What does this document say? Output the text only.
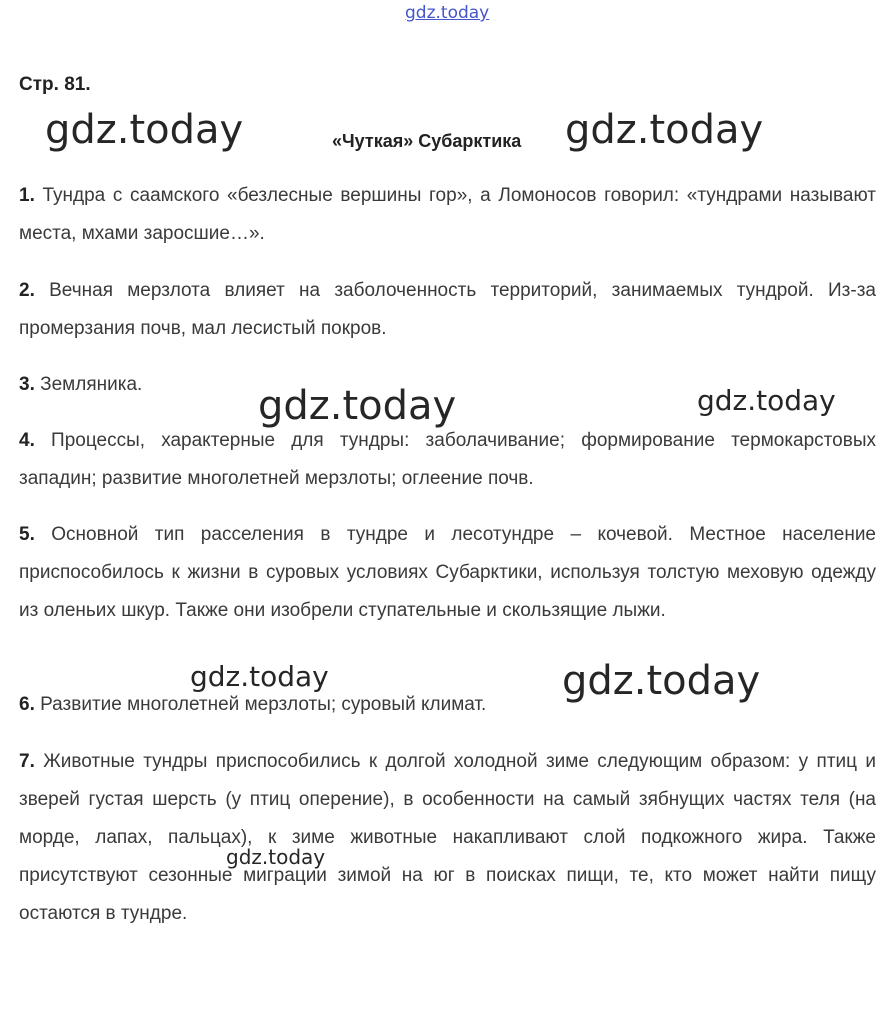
gdz.today
Стр. 81.
«Чуткая» Субарктика

1. Тундра с саамского «безлесные вершины гор», а Ломоносов говорил: «тундрами называют места, мхами заросшие…».

2. Вечная мерзлота влияет на заболоченность территорий, занимаемых тундрой. Из-за промерзания почв, мал лесистый покров.

3. Земляника.

4. Процессы, характерные для тундры: заболачивание; формирование термокарстовых западин; развитие многолетней мерзлоты; оглеение почв.

5. Основной тип расселения в тундре и лесотундре – кочевой. Местное население приспособилось к жизни в суровых условиях Субарктики, используя толстую меховую одежду из оленьих шкур. Также они изобрели ступательные и скользящие лыжи.

6. Развитие многолетней мерзлоты; суровый климат.

7. Животные тундры приспособились к долгой холодной зиме следующим образом: у птиц и зверей густая шерсть (у птиц оперение), в особенности на самый зябнущих частях теля (на морде, лапах, пальцах), к зиме животные накапливают слой подкожного жира. Также присутствуют сезонные миграции зимой на юг в поисках пищи, те, кто может найти пищу остаются в тундре.

gdz.today	gdz.today
gdz.today	gdz.today
gdz.today	gdz.today
gdz.today
